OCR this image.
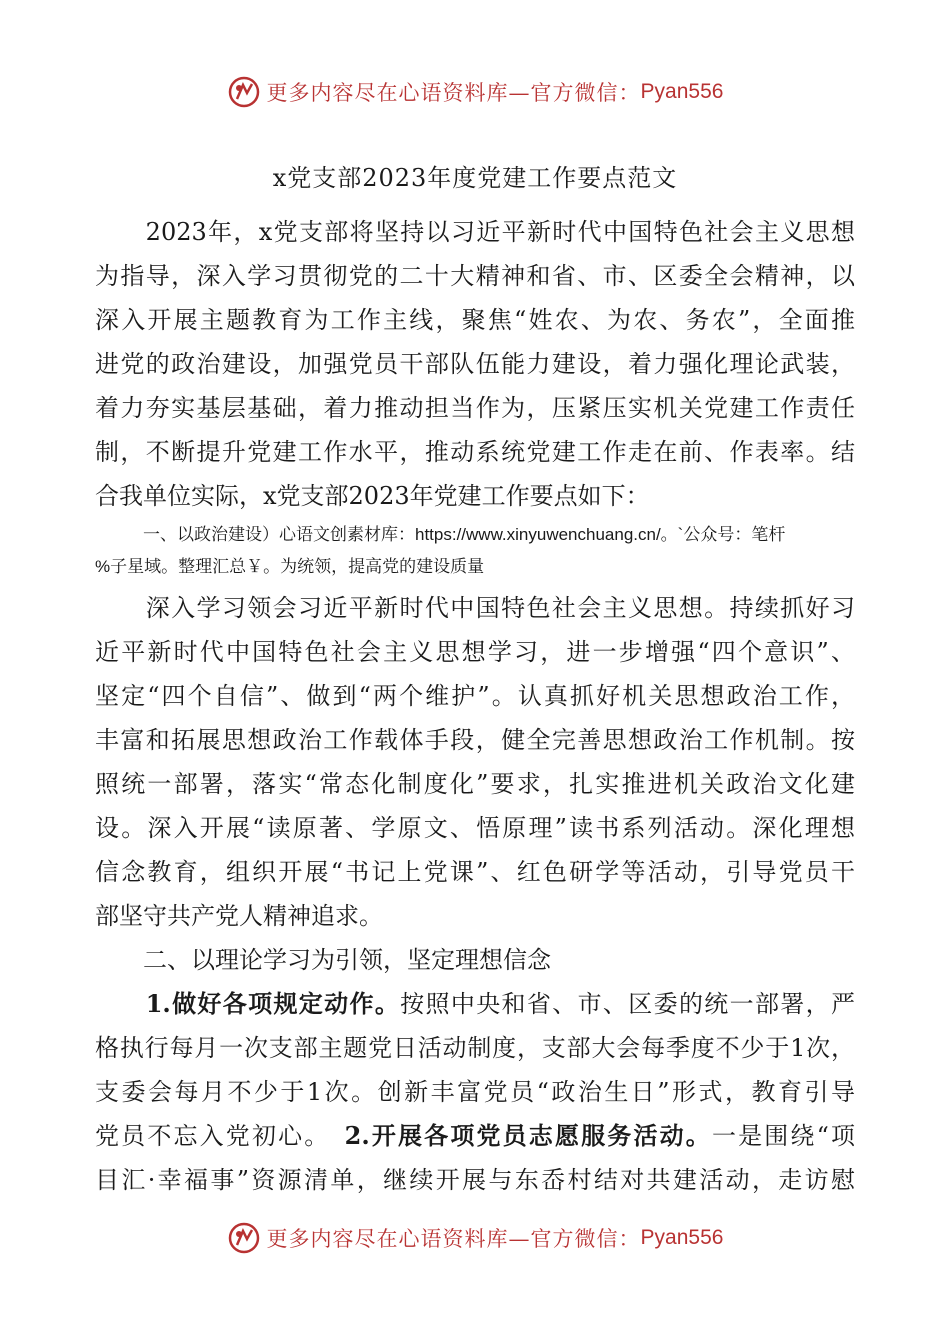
更多内容尽在心语资料库—官方微信： Pyan556
x党支部2023年度党建工作要点范文
　　2023年，x党支部将坚持以习近平新时代中国特色社会主义思想
为指导，深入学习贯彻党的二十大精神和省、市、区委全会精神，以
深入开展主题教育为工作主线，聚焦“姓农、为农、务农”，全面推
进党的政治建设，加强党员干部队伍能力建设，着力强化理论武装，
着力夯实基层基础，着力推动担当作为，压紧压实机关党建工作责任
制，不断提升党建工作水平，推动系统党建工作走在前、作表率。结
合我单位实际，x党支部2023年党建工作要点如下：
一、以政治建设）心语文创素材库：https://www.xinyuwenchuang.cn/。`公众号：笔杆
%子星域。整理汇总￥。为统领，提高党的建设质量
　　深入学习领会习近平新时代中国特色社会主义思想。持续抓好习
近平新时代中国特色社会主义思想学习，进一步增强“四个意识”、
坚定“四个自信”、做到“两个维护”。认真抓好机关思想政治工作，
丰富和拓展思想政治工作载体手段，健全完善思想政治工作机制。按
照统一部署，落实“常态化制度化”要求，扎实推进机关政治文化建
设。深入开展“读原著、学原文、悟原理”读书系列活动。深化理想
信念教育，组织开展“书记上党课”、红色研学等活动，引导党员干
部坚守共产党人精神追求。
　　二、以理论学习为引领，坚定理想信念
　　1.做好各项规定动作。按照中央和省、市、区委的统一部署，严
格执行每月一次支部主题党日活动制度，支部大会每季度不少于1次，
支委会每月不少于1次。创新丰富党员“政治生日”形式，教育引导
党员不忘入党初心。　 2.开展各项党员志愿服务活动。一是围绕“项
目汇·幸福事”资源清单，继续开展与东岙村结对共建活动，走访慰
更多内容尽在心语资料库—官方微信： Pyan556
